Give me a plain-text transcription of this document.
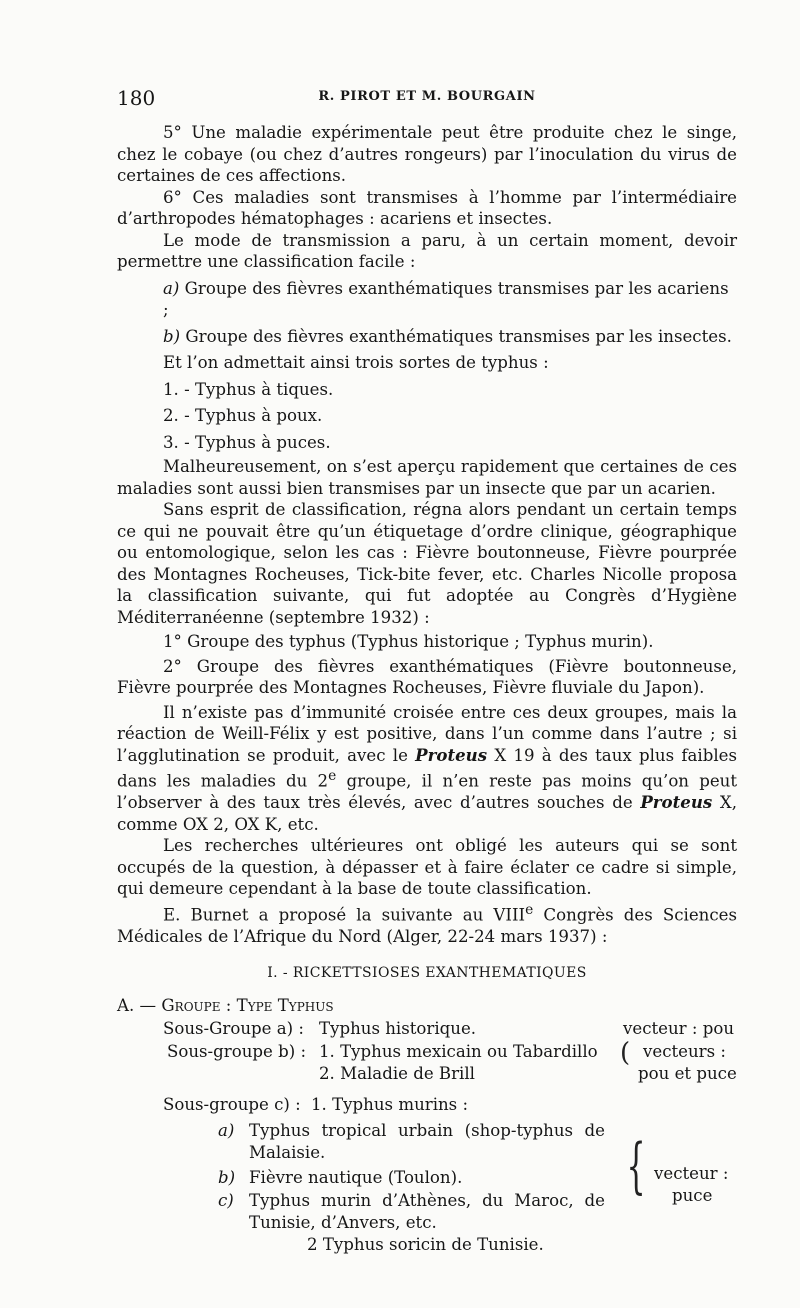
180	R. PIROT ET M. BOURGAIN

5° Une maladie expérimentale peut être produite chez le singe, chez le cobaye (ou chez d’autres rongeurs) par l’inoculation du virus de certaines de ces affections.

6° Ces maladies sont transmises à l’homme par l’intermédiaire d’arthropodes hématophages : acariens et insectes.

Le mode de transmission a paru, à un certain moment, devoir permettre une classification facile :

a) Groupe des fièvres exanthématiques transmises par les acariens ;
b) Groupe des fièvres exanthématiques transmises par les insectes.
Et l’on admettait ainsi trois sortes de typhus :
1. - Typhus à tiques.
2. - Typhus à poux.
3. - Typhus à puces.

Malheureusement, on s’est aperçu rapidement que certaines de ces maladies sont aussi bien transmises par un insecte que par un acarien.

Sans esprit de classification, régna alors pendant un certain temps ce qui ne pouvait être qu’un étiquetage d’ordre clinique, géographique ou entomologique, selon les cas : Fièvre boutonneuse, Fièvre pourprée des Montagnes Rocheuses, Tick-bite fever, etc. Charles Nicolle proposa la classification suivante, qui fut adoptée au Congrès d’Hygiène Méditerranéenne (septembre 1932) :

1° Groupe des typhus (Typhus historique ; Typhus murin).

2° Groupe des fièvres exanthématiques (Fièvre boutonneuse, Fièvre pourprée des Montagnes Rocheuses, Fièvre fluviale du Japon).

Il n’existe pas d’immunité croisée entre ces deux groupes, mais la réaction de Weill-Félix y est positive, dans l’un comme dans l’autre ; si l’agglutination se produit, avec le Proteus X 19 à des taux plus faibles dans les maladies du 2e groupe, il n’en reste pas moins qu’on peut l’observer à des taux très élevés, avec d’autres souches de Proteus X, comme OX 2, OX K, etc.

Les recherches ultérieures ont obligé les auteurs qui se sont occupés de la question, à dépasser et à faire éclater ce cadre si simple, qui demeure cependant à la base de toute classification.

E. Burnet a proposé la suivante au VIIIe Congrès des Sciences Médicales de l’Afrique du Nord (Alger, 22-24 mars 1937) :

I. - RICKETTSIOSES EXANTHEMATIQUES
A. — Groupe : Type Typhus
Sous-Groupe a) : Typhus historique.	vecteur : pou
Sous-groupe b) : 1. Typhus mexicain ou Tabardillo
2. Maladie de Brill
( vecteurs :
pou et puce
Sous-groupe c) : 1. Typhus murins :
a) Typhus tropical urbain (shop-typhus de Malaisie.
b) Fièvre nautique (Toulon).
c) Typhus murin d’Athènes, du Maroc, de Tunisie, d’Anvers, etc.
{ vecteur :
puce
2 Typhus soricin de Tunisie.
